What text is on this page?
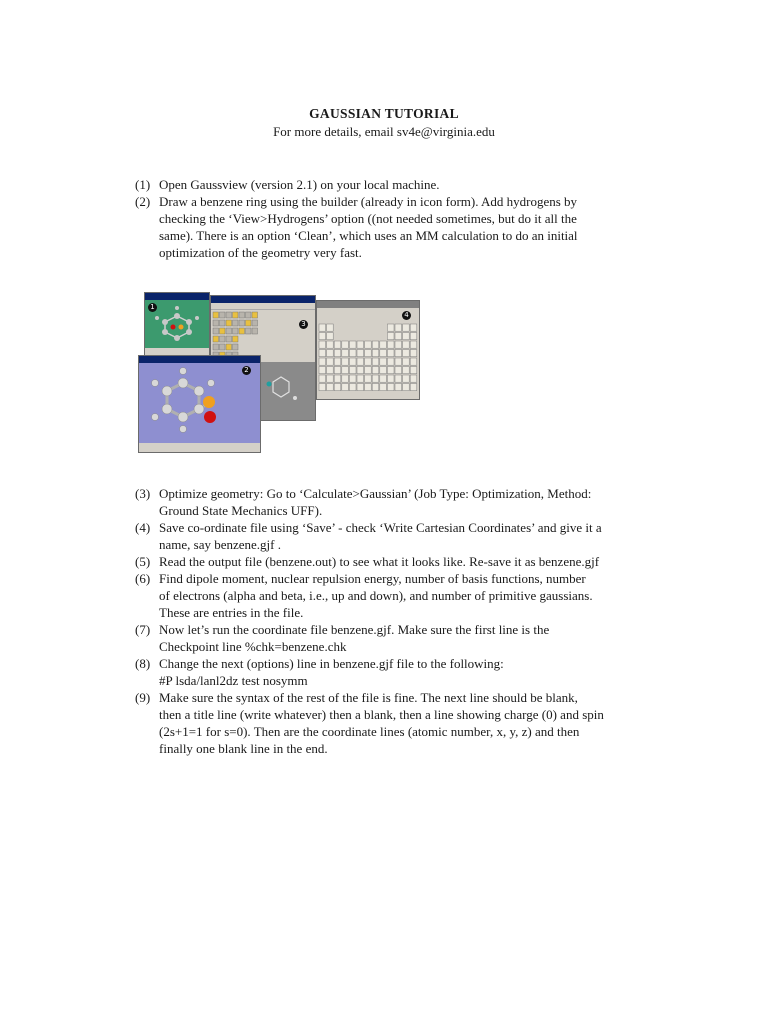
GAUSSIAN TUTORIAL
For more details, email sv4e@virginia.edu
(1) Open Gaussview (version 2.1) on your local machine.
(2) Draw a benzene ring using the builder (already in icon form). Add hydrogens by
checking the ‘View>Hydrogens’ option ((not needed sometimes, but do it all the
same). There is an option ‘Clean’, which uses an MM calculation to do an initial
optimization of the geometry very fast.
4
3
1
2
(3) Optimize geometry: Go to ‘Calculate>Gaussian’ (Job Type: Optimization, Method:
Ground State Mechanics UFF).
(4) Save co-ordinate file using ‘Save’ - check ‘Write Cartesian Coordinates’ and give it a
name, say benzene.gjf .
(5) Read the output file (benzene.out) to see what it looks like. Re-save it as benzene.gjf
(6) Find dipole moment, nuclear repulsion energy, number of basis functions, number
of electrons (alpha and beta, i.e., up and down), and number of primitive gaussians.
These are entries in the file.
(7) Now let’s run the coordinate file benzene.gjf. Make sure the first line is the
Checkpoint line %chk=benzene.chk
(8) Change the next (options) line in benzene.gjf file to the following:
#P lsda/lanl2dz test nosymm
(9) Make sure the syntax of the rest of the file is fine. The next line should be blank,
then a title line (write whatever) then a blank, then a line showing charge (0) and spin
(2s+1=1 for s=0). Then are the coordinate lines (atomic number, x, y, z) and then
finally one blank line in the end.
